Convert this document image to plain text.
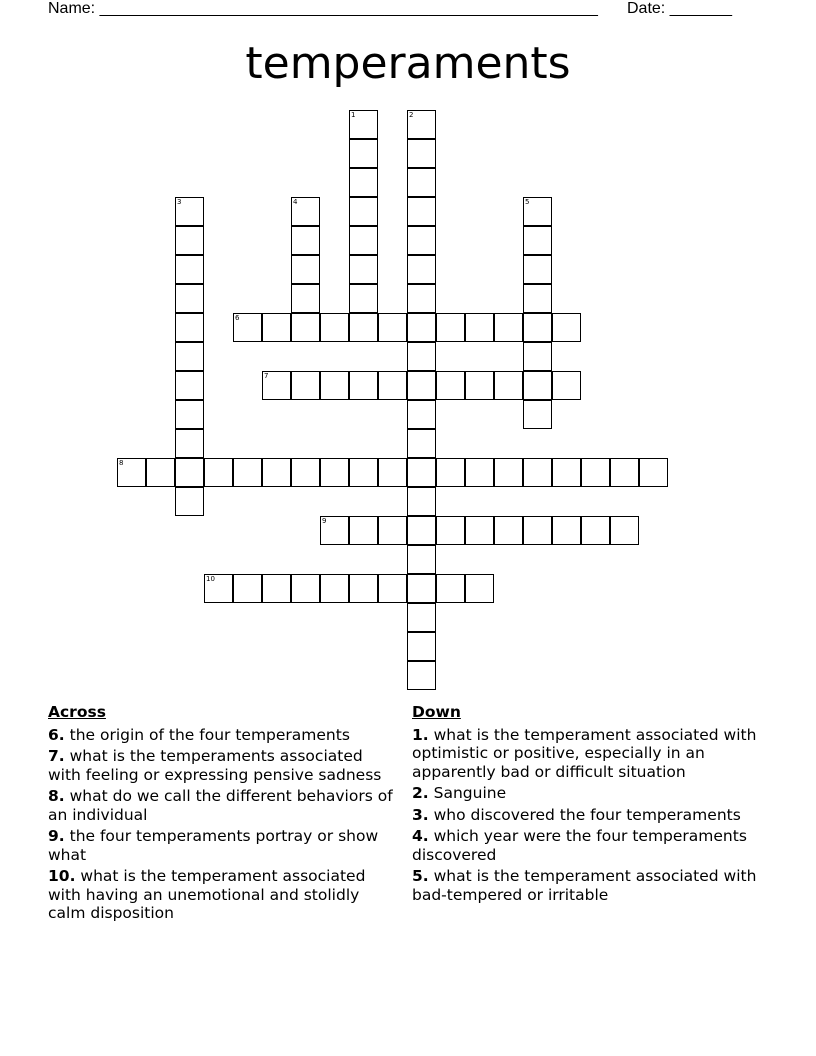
Name: ________________________________________________________ Date: _______
temperaments
1	2
3	4	5
6
7
8
9
10
Across
6. the origin of the four temperaments
7. what is the temperaments associated with feeling or expressing pensive sadness
8. what do we call the different behaviors of an individual
9. the four temperaments portray or show what
10. what is the temperament associated with having an unemotional and stolidly calm disposition
Down
1. what is the temperament associated with optimistic or positive, especially in an apparently bad or difficult situation
2. Sanguine
3. who discovered the four temperaments
4. which year were the four temperaments discovered
5. what is the temperament associated with bad-tempered or irritable
